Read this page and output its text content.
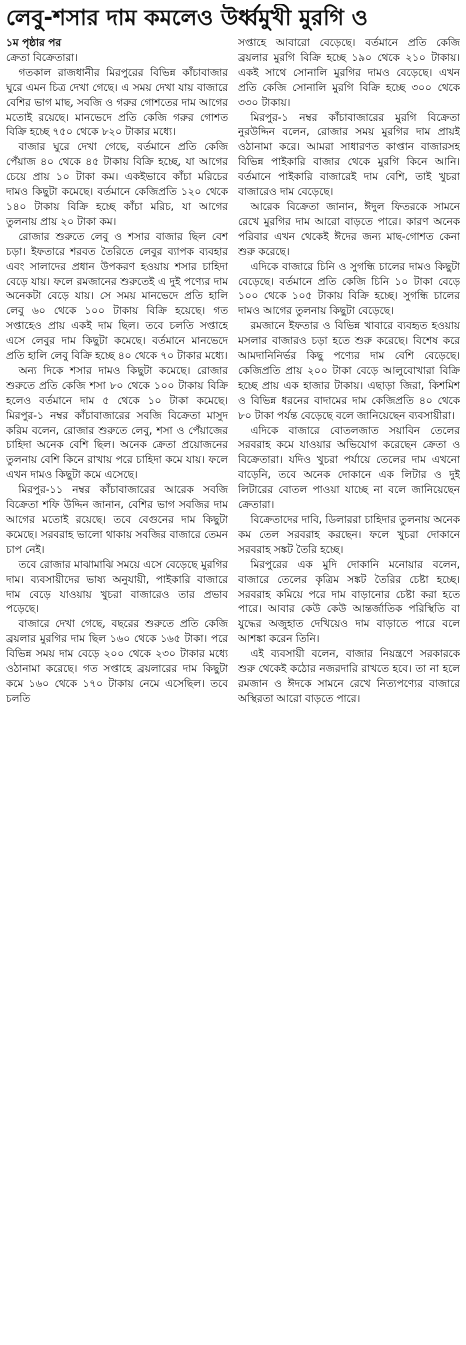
লেবু-শসার দাম কমলেও উর্ধ্বমুখী মুরগি ও

১ম পৃষ্ঠার পর

ক্রেতা বিক্রেতারা।

গতকাল রাজধানীর মিরপুরের বিভিন্ন কাঁচাবাজার ঘুরে এমন চিত্র দেখা গেছে। এ সময় দেখা যায় বাজারে বেশির ভাগ মাছ, সবজি ও গরুর গোশতের দাম আগের মতোই রয়েছে। মানভেদে প্রতি কেজি গরুর গোশত বিক্রি হচ্ছে ৭৫০ থেকে ৮২০ টাকার মধ্যে।

বাজার ঘুরে দেখা গেছে, বর্তমানে প্রতি কেজি পেঁয়াজ ৪০ থেকে ৪৫ টাকায় বিক্রি হচ্ছে, যা আগের চেয়ে প্রায় ১০ টাকা কম। একইভাবে কাঁচা মরিচের দামও কিছুটা কমেছে। বর্তমানে কেজিপ্রতি ১২০ থেকে ১৪০ টাকায় বিক্রি হচ্ছে কাঁচা মরিচ, যা আগের তুলনায় প্রায় ২০ টাকা কম।

রোজার শুরুতে লেবু ও শসার বাজার ছিল বেশ চড়া। ইফতারে শরবত তৈরিতে লেবুর ব্যাপক ব্যবহার এবং সালাদের প্রধান উপকরণ হওয়ায় শসার চাহিদা বেড়ে যায়। ফলে রমজানের শুরুতেই এ দুই পণ্যের দাম অনেকটা বেড়ে যায়। সে সময় মানভেদে প্রতি হালি লেবু ৬০ থেকে ১০০ টাকায় বিক্রি হয়েছে। গত সপ্তাহেও প্রায় একই দাম ছিল। তবে চলতি সপ্তাহে এসে লেবুর দাম কিছুটা কমেছে। বর্তমানে মানভেদে প্রতি হালি লেবু বিক্রি হচ্ছে ৪০ থেকে ৭০ টাকার মধ্যে।

অন্য দিকে শসার দামও কিছুটা কমেছে। রোজার শুরুতে প্রতি কেজি শসা ৮০ থেকে ১০০ টাকায় বিক্রি হলেও বর্তমানে দাম ৫ থেকে ১০ টাকা কমেছে। মিরপুর-১ নম্বর কাঁচাবাজারের সবজি বিক্রেতা মাসুদ করিম বলেন, রোজার শুরুতে লেবু, শসা ও পেঁয়াজের চাহিদা অনেক বেশি ছিল। অনেক ক্রেতা প্রয়োজনের তুলনায় বেশি কিনে রাখায় পরে চাহিদা কমে যায়। ফলে এখন দামও কিছুটা কমে এসেছে।

মিরপুর-১১ নম্বর কাঁচাবাজারের আরেক সবজি বিক্রেতা শফি উদ্দিন জানান, বেশির ভাগ সবজির দাম আগের মতোই রয়েছে। তবে বেগুনের দাম কিছুটা কমেছে। সরবরাহ ভালো থাকায় সবজির বাজারে তেমন চাপ নেই।

তবে রোজার মাঝামাঝি সময়ে এসে বেড়েছে মুরগির দাম। ব্যবসায়ীদের ভাষ্য অনুযায়ী, পাইকারি বাজারে দাম বেড়ে যাওয়ায় খুচরা বাজারেও তার প্রভাব পড়েছে।

বাজারে দেখা গেছে, বছরের শুরুতে প্রতি কেজি ব্রয়লার মুরগির দাম ছিল ১৬০ থেকে ১৬৫ টাকা। পরে বিভিন্ন সময় দাম বেড়ে ২০০ থেকে ২৩০ টাকার মধ্যে ওঠানামা করেছে। গত সপ্তাহে ব্রয়লারের দাম কিছুটা কমে ১৬০ থেকে ১৭০ টাকায় নেমে এসেছিল। তবে চলতি

সপ্তাহে আবারো বেড়েছে। বর্তমানে প্রতি কেজি ব্রয়লার মুরগি বিক্রি হচ্ছে ১৯০ থেকে ২১০ টাকায়। একই সাথে সোনালি মুরগির দামও বেড়েছে। এখন প্রতি কেজি সোনালি মুরগি বিক্রি হচ্ছে ৩০০ থেকে ৩৩০ টাকায়।

মিরপুর-১ নম্বর কাঁচাবাজারের মুরগি বিক্রেতা নুরউদ্দিন বলেন, রোজার সময় মুরগির দাম প্রায়ই ওঠানামা করে। আমরা সাধারণত কাপ্তান বাজারসহ বিভিন্ন পাইকারি বাজার থেকে মুরগি কিনে আনি। বর্তমানে পাইকারি বাজারেই দাম বেশি, তাই খুচরা বাজারেও দাম বেড়েছে।

আরেক বিক্রেতা জানান, ঈদুল ফিতরকে সামনে রেখে মুরগির দাম আরো বাড়তে পারে। কারণ অনেক পরিবার এখন থেকেই ঈদের জন্য মাছ-গোশত কেনা শুরু করেছে।

এদিকে বাজারে চিনি ও সুগন্ধি চালের দামও কিছুটা বেড়েছে। বর্তমানে প্রতি কেজি চিনি ১০ টাকা বেড়ে ১০০ থেকে ১০৫ টাকায় বিক্রি হচ্ছে। সুগন্ধি চালের দামও আগের তুলনায় কিছুটা বেড়েছে।

রমজানে ইফতার ও বিভিন্ন খাবারে ব্যবহৃত হওয়ায় মসলার বাজারও চড়া হতে শুরু করেছে। বিশেষ করে আমদানিনির্ভর কিছু পণ্যের দাম বেশি বেড়েছে। কেজিপ্রতি প্রায় ২০০ টাকা বেড়ে আলুবোখারা বিক্রি হচ্ছে প্রায় এক হাজার টাকায়। এছাড়া জিরা, কিশমিশ ও বিভিন্ন ধরনের বাদামের দাম কেজিপ্রতি ৪০ থেকে ৮০ টাকা পর্যন্ত বেড়েছে বলে জানিয়েছেন ব্যবসায়ীরা।

এদিকে বাজারে বোতলজাত সয়াবিন তেলের সরবরাহ কমে যাওয়ার অভিযোগ করেছেন ক্রেতা ও বিক্রেতারা। যদিও খুচরা পর্যায়ে তেলের দাম এখনো বাড়েনি, তবে অনেক দোকানে এক লিটার ও দুই লিটারের বোতল পাওয়া যাচ্ছে না বলে জানিয়েছেন ক্রেতারা।

বিক্রেতাদের দাবি, ডিলাররা চাহিদার তুলনায় অনেক কম তেল সরবরাহ করছেন। ফলে খুচরা দোকানে সরবরাহ সঙ্কট তৈরি হচ্ছে।

মিরপুরের এক মুদি দোকানি মনোয়ার বলেন, বাজারে তেলের কৃত্রিম সঙ্কট তৈরির চেষ্টা হচ্ছে। সরবরাহ কমিয়ে পরে দাম বাড়ানোর চেষ্টা করা হতে পারে। আবার কেউ কেউ আন্তর্জাতিক পরিস্থিতি বা যুদ্ধের অজুহাত দেখিয়েও দাম বাড়াতে পারে বলে আশঙ্কা করেন তিনি।

এই ব্যবসায়ী বলেন, বাজার নিয়ন্ত্রণে সরকারকে শুরু থেকেই কঠোর নজরদারি রাখতে হবে। তা না হলে রমজান ও ঈদকে সামনে রেখে নিত্যপণ্যের বাজারে অস্থিরতা আরো বাড়তে পারে।
